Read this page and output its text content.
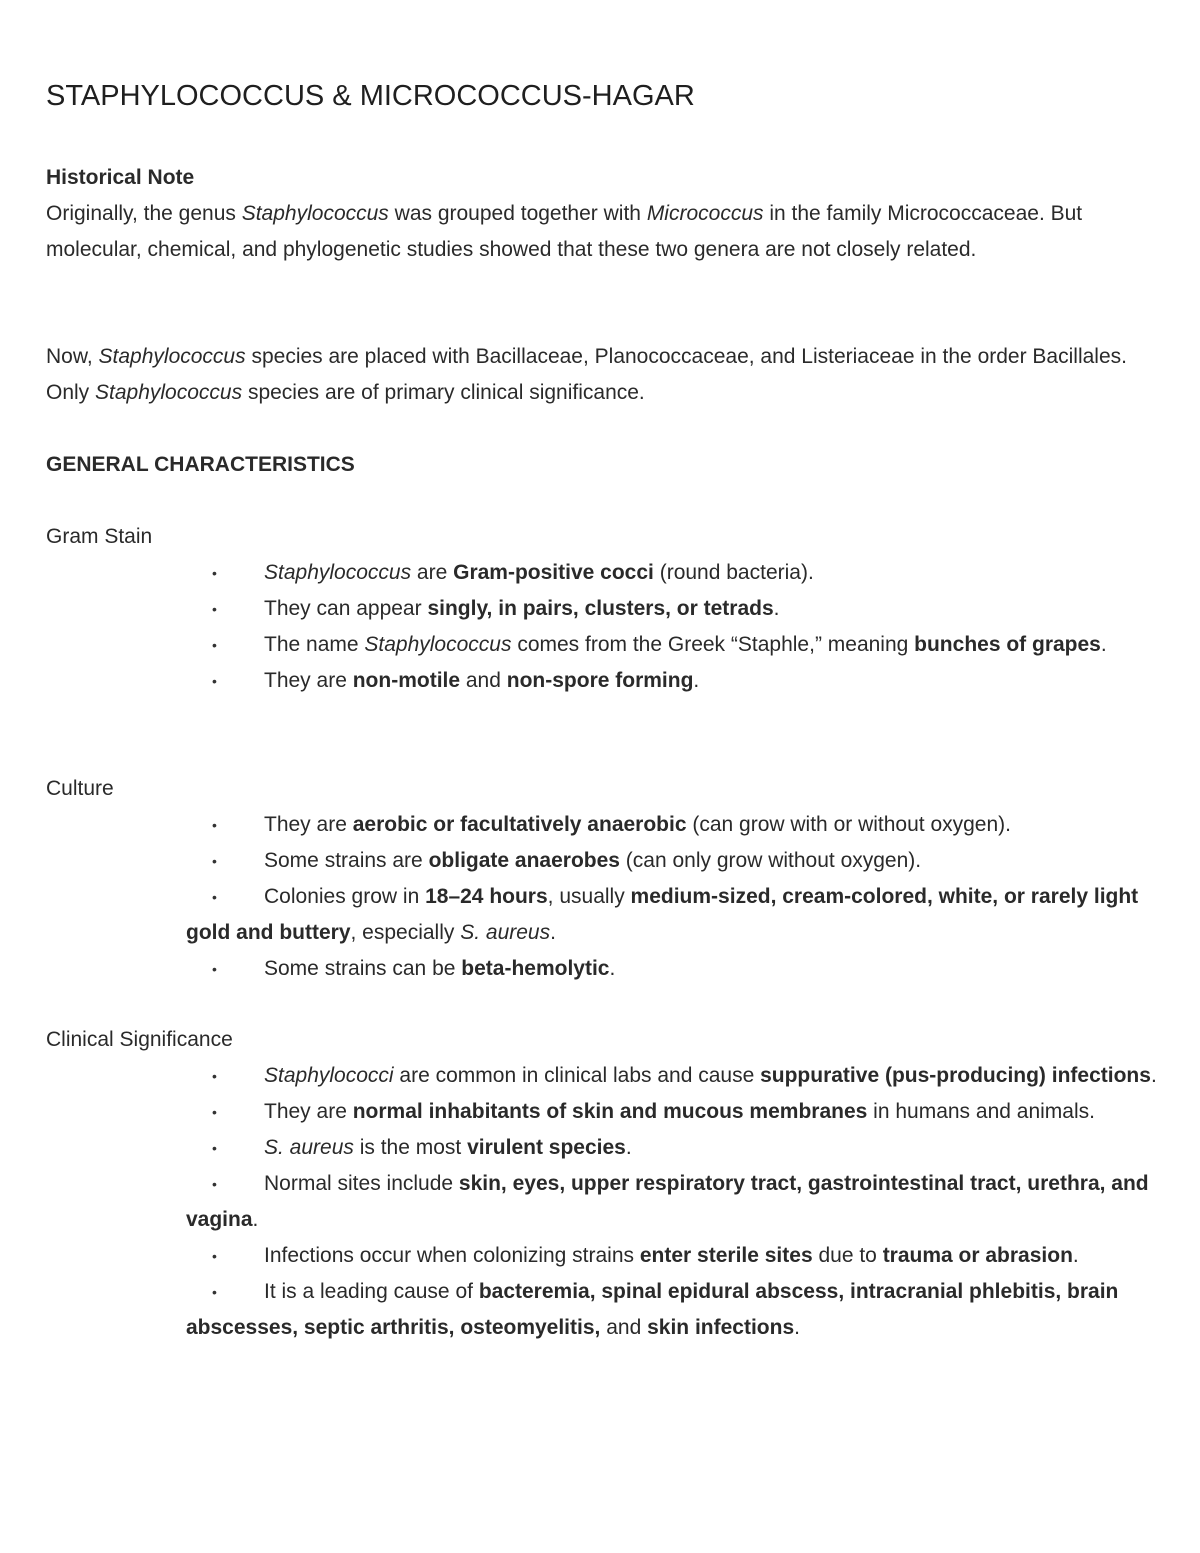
STAPHYLOCOCCUS & MICROCOCCUS-HAGAR
Historical Note

Originally, the genus Staphylococcus was grouped together with Micrococcus in the family Micrococcaceae. But molecular, chemical, and phylogenetic studies showed that these two genera are not closely related.

Now, Staphylococcus species are placed with Bacillaceae, Planococcaceae, and Listeriaceae in the order Bacillales. Only Staphylococcus species are of primary clinical significance.

GENERAL CHARACTERISTICS
Gram Stain
• Staphylococcus are Gram-positive cocci (round bacteria).
• They can appear singly, in pairs, clusters, or tetrads.
• The name Staphylococcus comes from the Greek “Staphle,” meaning bunches of grapes.
• They are non-motile and non-spore forming.
Culture
• They are aerobic or facultatively anaerobic (can grow with or without oxygen).
• Some strains are obligate anaerobes (can only grow without oxygen).
• Colonies grow in 18–24 hours, usually medium-sized, cream-colored, white, or rarely light gold and buttery, especially S. aureus.
• Some strains can be beta-hemolytic.
Clinical Significance
• Staphylococci are common in clinical labs and cause suppurative (pus-producing) infections.
• They are normal inhabitants of skin and mucous membranes in humans and animals.
• S. aureus is the most virulent species.
• Normal sites include skin, eyes, upper respiratory tract, gastrointestinal tract, urethra, and vagina.
• Infections occur when colonizing strains enter sterile sites due to trauma or abrasion.
• It is a leading cause of bacteremia, spinal epidural abscess, intracranial phlebitis, brain abscesses, septic arthritis, osteomyelitis, and skin infections.
